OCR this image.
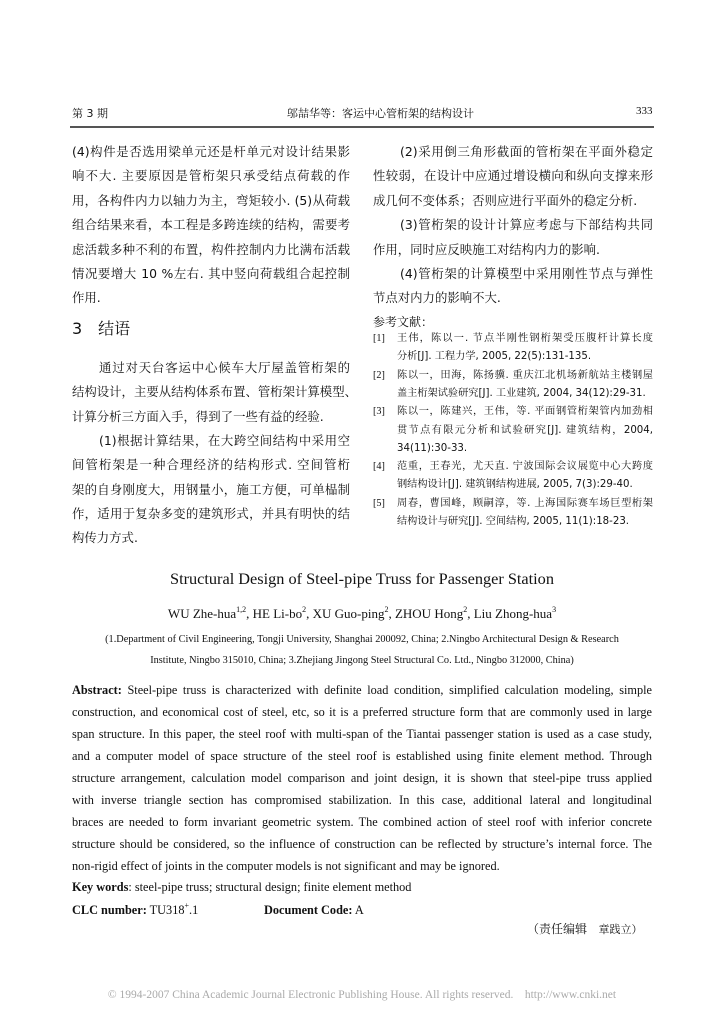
第 3 期	邬喆华等：客运中心管桁架的结构设计	333
(4)构件是否选用梁单元还是杆单元对设计结果影
响不大. 主要原因是管桁架只承受结点荷载的作
用，各构件内力以轴力为主，弯矩较小. (5)从荷载
组合结果来看，本工程是多跨连续的结构，需要考
虑活载多种不利的布置，构件控制内力比满布活载
情况要增大 10 %左右. 其中竖向荷载组合起控制
作用.
通过对天台客运中心候车大厅屋盖管桁架的
结构设计，主要从结构体系布置、管桁架计算模型、
计算分析三方面入手，得到了一些有益的经验.
(1)根据计算结果，在大跨空间结构中采用空
间管桁架是一种合理经济的结构形式. 空间管桁
架的自身刚度大，用钢量小，施工方便，可单榀制
作，适用于复杂多变的建筑形式，并具有明快的结
构传力方式.
(2)采用倒三角形截面的管桁架在平面外稳定
性较弱，在设计中应通过增设横向和纵向支撑来形
成几何不变体系；否则应进行平面外的稳定分析.
(3)管桁架的设计计算应考虑与下部结构共同
作用，同时应反映施工对结构内力的影响.
(4)管桁架的计算模型中采用刚性节点与弹性
节点对内力的影响不大.
[1] 王伟，陈以一. 节点半刚性钢桁架受压腹杆计算长度
分析[J]. 工程力学, 2005, 22(5):131-135.
[2] 陈以一，田海，陈扬骥. 重庆江北机场新航站主楼钢屋
盖主桁架试验研究[J]. 工业建筑, 2004, 34(12):29-31.
[3] 陈以一，陈建兴，王伟，等. 平面钢管桁架管内加劲相
贯节点有限元分析和试验研究[J]. 建筑结构，2004,
34(11):30-33.
[4] 范重，王春光，尤天直. 宁波国际会议展览中心大跨度
钢结构设计[J]. 建筑钢结构进展, 2005, 7(3):29-40.
[5] 周春，曹国峰，顾嗣淳，等. 上海国际赛车场巨型桁架
结构设计与研究[J]. 空间结构, 2005, 11(1):18-23.
Abstract: Steel-pipe truss is characterized with definite load condition, simplified calculation modeling, simple
construction, and economical cost of steel, etc, so it is a preferred structure form that are commonly used in large
span structure. In this paper, the steel roof with multi-span of the Tiantai passenger station is used as a case study,
and a computer model of space structure of the steel roof is established using finite element method. Through
structure arrangement, calculation model comparison and joint design, it is shown that steel-pipe truss applied
with inverse triangle section has compromised stabilization. In this case, additional lateral and longitudinal
braces are needed to form invariant geometric system. The combined action of steel roof with inferior concrete
structure should be considered, so the influence of construction can be reflected by structure’s internal force. The
non-rigid effect of joints in the computer models is not significant and may be ignored.
3　结语	参考文献：
Structural Design of Steel-pipe Truss for Passenger Station
WU Zhe-hua$^{1,2}$, HE $Li-bo^2$, XU Guo-ping$^2$, ZHOU Hong$^2$, Liu Zhong-hua$^3$
(1.Department of Civil Engineering, Tongji University, Shanghai 200092, China; 2.Ningbo Architectural Design & Research
Institute, Ningbo 315010, China; 3.Zhejiang Jingong Steel Structural Co. Ltd., Ningbo 312000, China)
Key words: steel-pipe truss; structural design; finite element method
CLC number: TU318+.1	Document Code: A
（责任编辑 章践立）
© 1994-2007 China Academic Journal Electronic Publishing House. All rights reserved.    http://www.cnki.net
